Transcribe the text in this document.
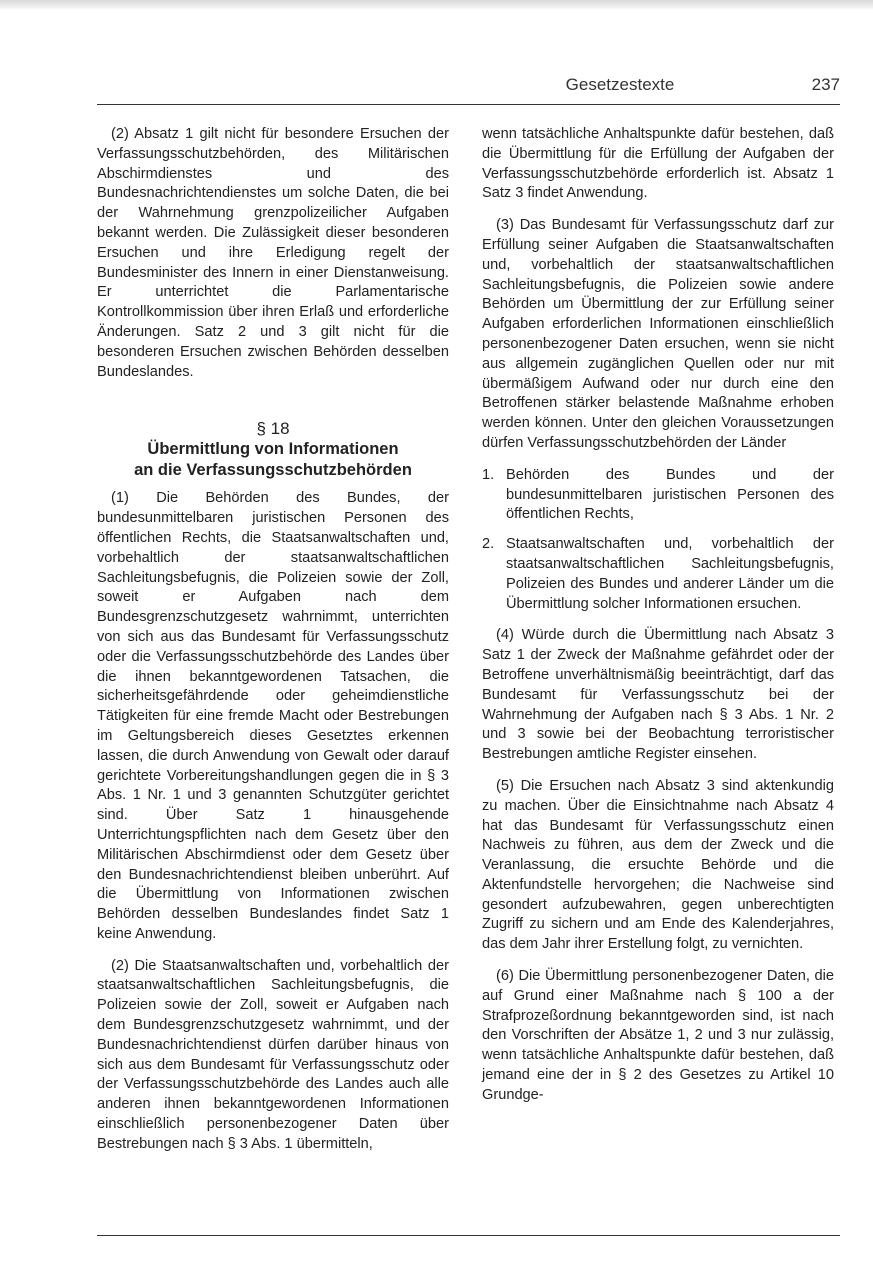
Gesetzestexte	237

(2) Absatz 1 gilt nicht für besondere Ersuchen der Verfassungsschutzbehörden, des Militärischen Abschirmdienstes und des Bundesnachrichtendienstes um solche Daten, die bei der Wahrnehmung grenzpolizeilicher Aufgaben bekannt werden. Die Zulässigkeit dieser besonderen Ersuchen und ihre Erledigung regelt der Bundesminister des Innern in einer Dienstanweisung. Er unterrichtet die Parlamentarische Kontrollkommission über ihren Erlaß und erforderliche Änderungen. Satz 2 und 3 gilt nicht für die besonderen Ersuchen zwischen Behörden desselben Bundeslandes.

§ 18
Übermittlung von Informationen
an die Verfassungsschutzbehörden

(1) Die Behörden des Bundes, der bundesunmittelbaren juristischen Personen des öffentlichen Rechts, die Staatsanwaltschaften und, vorbehaltlich der staatsanwaltschaftlichen Sachleitungsbefugnis, die Polizeien sowie der Zoll, soweit er Aufgaben nach dem Bundesgrenzschutzgesetz wahrnimmt, unterrichten von sich aus das Bundesamt für Verfassungsschutz oder die Verfassungsschutzbehörde des Landes über die ihnen bekanntgewordenen Tatsachen, die sicherheitsgefährdende oder geheimdienstliche Tätigkeiten für eine fremde Macht oder Bestrebungen im Geltungsbereich dieses Gesetztes erkennen lassen, die durch Anwendung von Gewalt oder darauf gerichtete Vorbereitungshandlungen gegen die in § 3 Abs. 1 Nr. 1 und 3 genannten Schutzgüter gerichtet sind. Über Satz 1 hinausgehende Unterrichtungspflichten nach dem Gesetz über den Militärischen Abschirmdienst oder dem Gesetz über den Bundesnachrichtendienst bleiben unberührt. Auf die Übermittlung von Informationen zwischen Behörden desselben Bundeslandes findet Satz 1 keine Anwendung.

(2) Die Staatsanwaltschaften und, vorbehaltlich der staatsanwaltschaftlichen Sachleitungsbefugnis, die Polizeien sowie der Zoll, soweit er Aufgaben nach dem Bundesgrenzschutzgesetz wahrnimmt, und der Bundesnachrichtendienst dürfen darüber hinaus von sich aus dem Bundesamt für Verfassungsschutz oder der Verfassungsschutzbehörde des Landes auch alle anderen ihnen bekanntgewordenen Informationen einschließlich personenbezogener Daten über Bestrebungen nach § 3 Abs. 1 übermitteln,

wenn tatsächliche Anhaltspunkte dafür bestehen, daß die Übermittlung für die Erfüllung der Aufgaben der Verfassungsschutzbehörde erforderlich ist. Absatz 1 Satz 3 findet Anwendung.

(3) Das Bundesamt für Verfassungsschutz darf zur Erfüllung seiner Aufgaben die Staatsanwaltschaften und, vorbehaltlich der staatsanwaltschaftlichen Sachleitungsbefugnis, die Polizeien sowie andere Behörden um Übermittlung der zur Erfüllung seiner Aufgaben erforderlichen Informationen einschließlich personenbezogener Daten ersuchen, wenn sie nicht aus allgemein zugänglichen Quellen oder nur mit übermäßigem Aufwand oder nur durch eine den Betroffenen stärker belastende Maßnahme erhoben werden können. Unter den gleichen Voraussetzungen dürfen Verfassungsschutzbehörden der Länder

1. Behörden des Bundes und der bundesunmittelbaren juristischen Personen des öffentlichen Rechts,
2. Staatsanwaltschaften und, vorbehaltlich der staatsanwaltschaftlichen Sachleitungsbefugnis, Polizeien des Bundes und anderer Länder um die Übermittlung solcher Informationen ersuchen.

(4) Würde durch die Übermittlung nach Absatz 3 Satz 1 der Zweck der Maßnahme gefährdet oder der Betroffene unverhältnismäßig beeinträchtigt, darf das Bundesamt für Verfassungsschutz bei der Wahrnehmung der Aufgaben nach § 3 Abs. 1 Nr. 2 und 3 sowie bei der Beobachtung terroristischer Bestrebungen amtliche Register einsehen.

(5) Die Ersuchen nach Absatz 3 sind aktenkundig zu machen. Über die Einsichtnahme nach Absatz 4 hat das Bundesamt für Verfassungsschutz einen Nachweis zu führen, aus dem der Zweck und die Veranlassung, die ersuchte Behörde und die Aktenfundstelle hervorgehen; die Nachweise sind gesondert aufzubewahren, gegen unberechtigten Zugriff zu sichern und am Ende des Kalenderjahres, das dem Jahr ihrer Erstellung folgt, zu vernichten.

(6) Die Übermittlung personenbezogener Daten, die auf Grund einer Maßnahme nach § 100 a der Strafprozeßordnung bekanntgeworden sind, ist nach den Vorschriften der Absätze 1, 2 und 3 nur zulässig, wenn tatsächliche Anhaltspunkte dafür bestehen, daß jemand eine der in § 2 des Gesetzes zu Artikel 10 Grundge-
